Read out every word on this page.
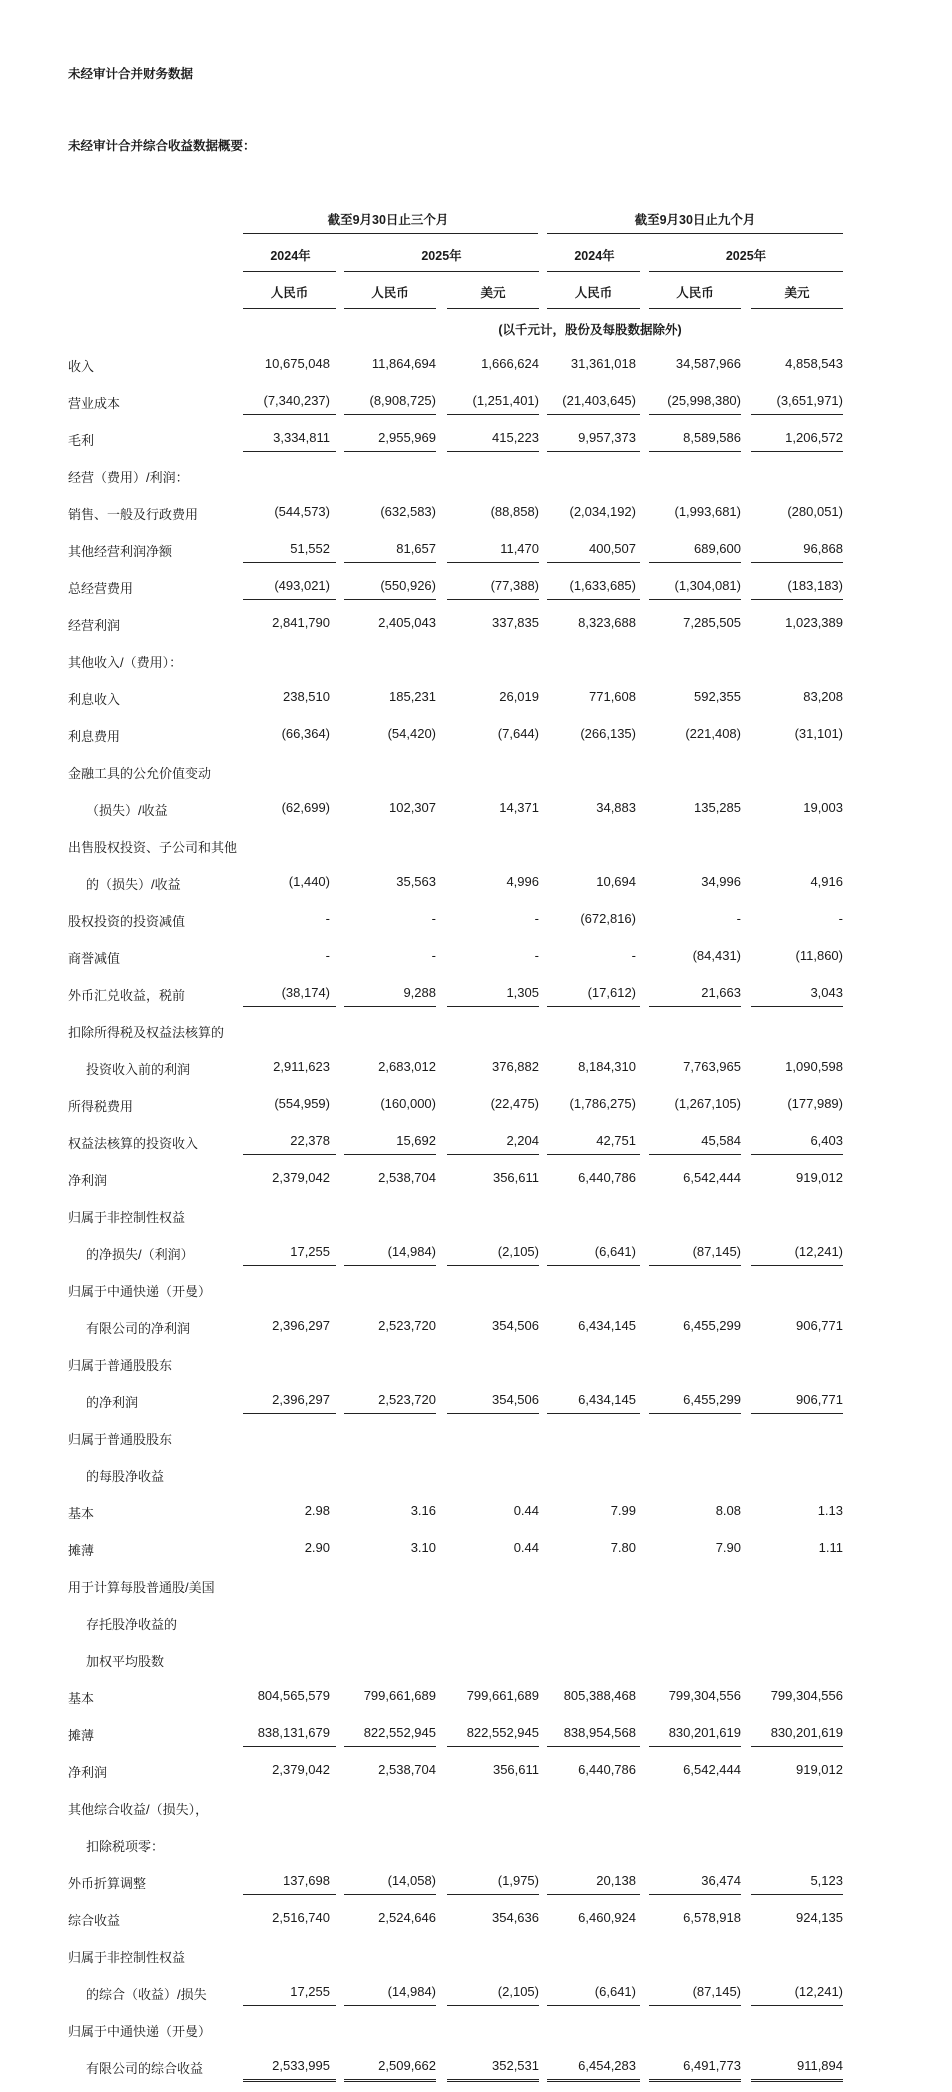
未经审计合并财务数据
未经审计合并综合收益数据概要：
截至9月30日止三个月	截至9月30日止九个月
2024年	2025年	2024年	2025年
人民币	人民币	美元	人民币	人民币	美元
(以千元计，股份及每股数据除外)
收入	10,675,048	11,864,694	1,666,624	31,361,018	34,587,966	4,858,543
营业成本	(7,340,237)	(8,908,725)	(1,251,401)	(21,403,645)	(25,998,380)	(3,651,971)
毛利	3,334,811	2,955,969	415,223	9,957,373	8,589,586	1,206,572
经营（费用）/利润：
销售、一般及行政费用	(544,573)	(632,583)	(88,858)	(2,034,192)	(1,993,681)	(280,051)
其他经营利润净额	51,552	81,657	11,470	400,507	689,600	96,868
总经营费用	(493,021)	(550,926)	(77,388)	(1,633,685)	(1,304,081)	(183,183)
经营利润	2,841,790	2,405,043	337,835	8,323,688	7,285,505	1,023,389
其他收入/（费用）：
利息收入	238,510	185,231	26,019	771,608	592,355	83,208
利息费用	(66,364)	(54,420)	(7,644)	(266,135)	(221,408)	(31,101)
金融工具的公允价值变动
（损失）/收益	(62,699)	102,307	14,371	34,883	135,285	19,003
出售股权投资、子公司和其他
的（损失）/收益	(1,440)	35,563	4,996	10,694	34,996	4,916
股权投资的投资减值	-	-	-	(672,816)	-	-
商誉减值	-	-	-	-	(84,431)	(11,860)
外币汇兑收益，税前	(38,174)	9,288	1,305	(17,612)	21,663	3,043
扣除所得税及权益法核算的
投资收入前的利润	2,911,623	2,683,012	376,882	8,184,310	7,763,965	1,090,598
所得税费用	(554,959)	(160,000)	(22,475)	(1,786,275)	(1,267,105)	(177,989)
权益法核算的投资收入	22,378	15,692	2,204	42,751	45,584	6,403
净利润	2,379,042	2,538,704	356,611	6,440,786	6,542,444	919,012
归属于非控制性权益
的净损失/（利润）	17,255	(14,984)	(2,105)	(6,641)	(87,145)	(12,241)
归属于中通快递（开曼）
有限公司的净利润	2,396,297	2,523,720	354,506	6,434,145	6,455,299	906,771
归属于普通股股东
的净利润	2,396,297	2,523,720	354,506	6,434,145	6,455,299	906,771
归属于普通股股东
的每股净收益
基本	2.98	3.16	0.44	7.99	8.08	1.13
摊薄	2.90	3.10	0.44	7.80	7.90	1.11
用于计算每股普通股/美国
存托股净收益的
加权平均股数
基本	804,565,579	799,661,689	799,661,689	805,388,468	799,304,556	799,304,556
摊薄	838,131,679	822,552,945	822,552,945	838,954,568	830,201,619	830,201,619
净利润	2,379,042	2,538,704	356,611	6,440,786	6,542,444	919,012
其他综合收益/（损失），
扣除税项零：
外币折算调整	137,698	(14,058)	(1,975)	20,138	36,474	5,123
综合收益	2,516,740	2,524,646	354,636	6,460,924	6,578,918	924,135
归属于非控制性权益
的综合（收益）/损失	17,255	(14,984)	(2,105)	(6,641)	(87,145)	(12,241)
归属于中通快递（开曼）
有限公司的综合收益	2,533,995	2,509,662	352,531	6,454,283	6,491,773	911,894
